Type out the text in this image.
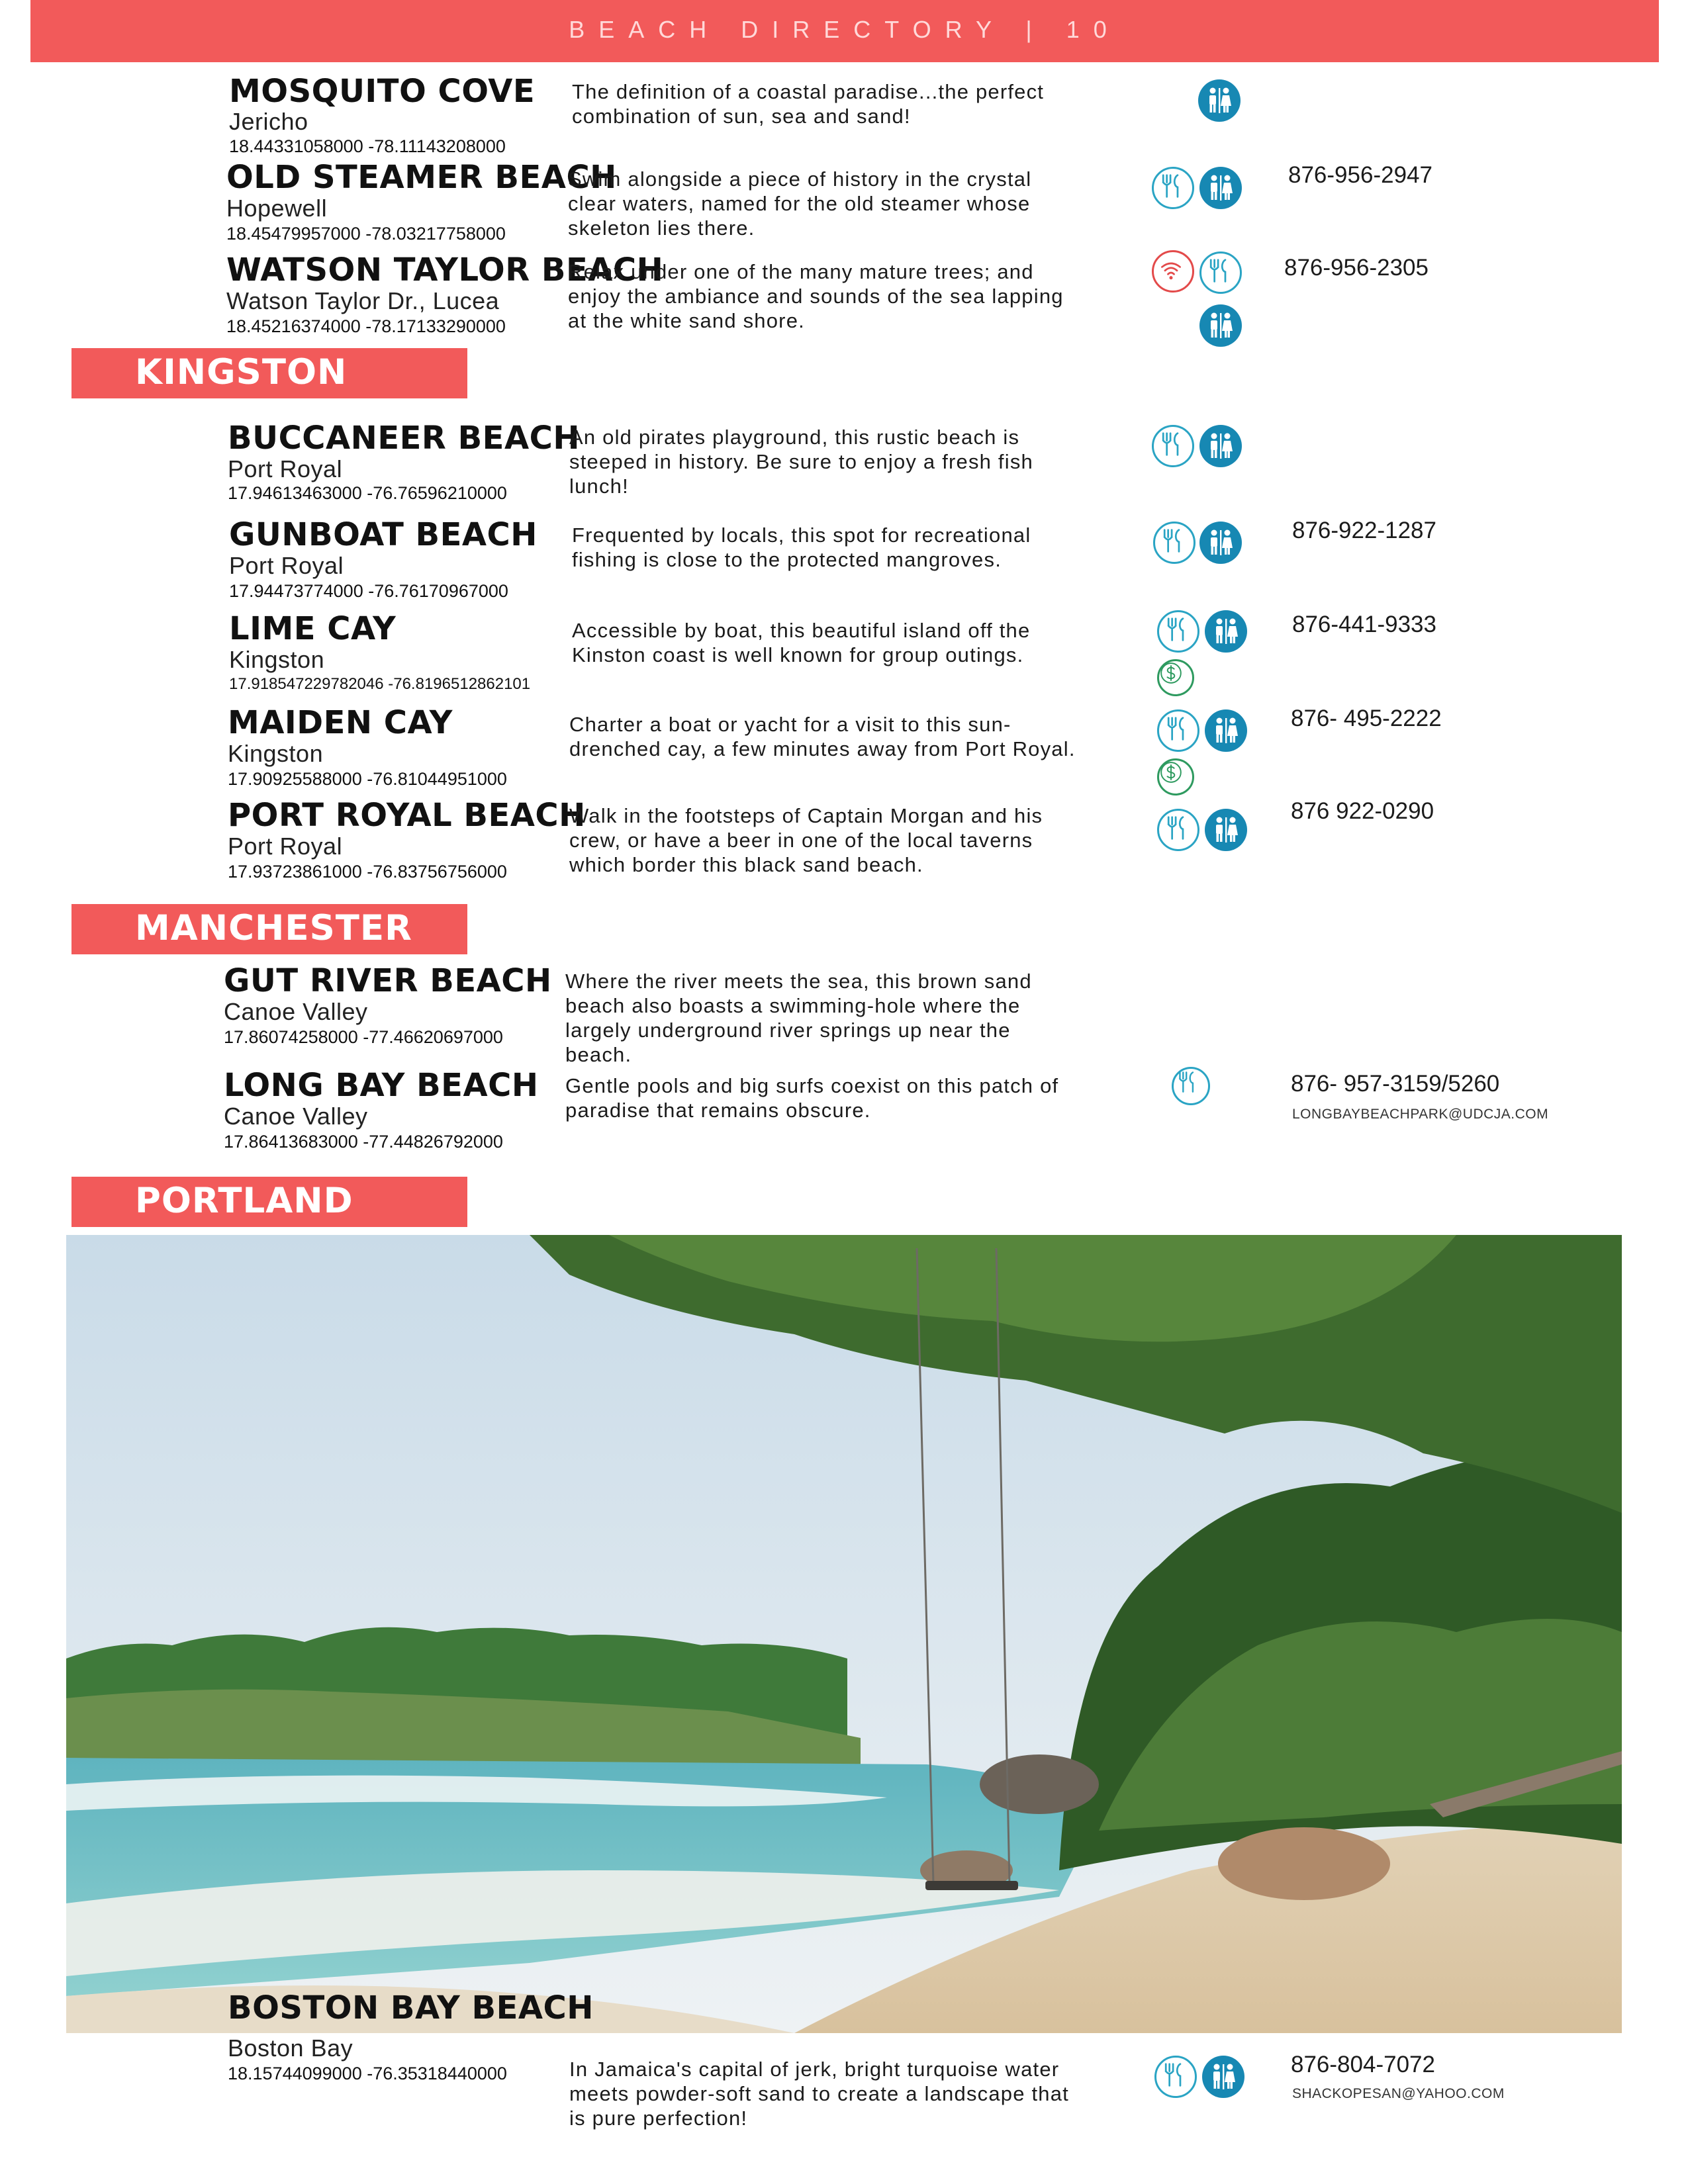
BEACH DIRECTORY | 10
MOSQUITO COVE
Jericho
18.44331058000 -78.11143208000
The definition of a coastal paradise...the perfect combination of sun, sea and sand!
OLD STEAMER BEACH
Hopewell
18.45479957000 -78.03217758000
Swim alongside a piece of history in the crystal clear waters, named for the old steamer whose skeleton lies there.
876-956-2947
WATSON TAYLOR BEACH
Watson Taylor Dr., Lucea
18.45216374000 -78.17133290000
Relax under one of the many mature trees; and enjoy the ambiance and sounds of the sea lapping at the white sand shore.
876-956-2305
KINGSTON
BUCCANEER BEACH
Port Royal
17.94613463000 -76.76596210000
An old pirates playground, this rustic beach is steeped in history. Be sure to enjoy a fresh fish lunch!
GUNBOAT BEACH
Port Royal
17.94473774000 -76.76170967000
Frequented by locals, this spot for recreational fishing is close to the protected mangroves.
876-922-1287
LIME CAY
Kingston
17.918547229782046 -76.8196512862101
Accessible by boat, this beautiful island off the Kinston coast is well known for group outings.
876-441-9333
MAIDEN CAY
Kingston
17.90925588000 -76.81044951000
Charter a boat or yacht for a visit to this sun-drenched cay, a few minutes away from Port Royal.
876- 495-2222
PORT ROYAL BEACH
Port Royal
17.93723861000 -76.83756756000
Walk in the footsteps of Captain Morgan and his crew, or have a beer in one of the local taverns which border this black sand beach.
876 922-0290
MANCHESTER
GUT RIVER BEACH
Canoe Valley
17.86074258000 -77.46620697000
Where the river meets the sea, this brown sand beach also boasts a swimming-hole where the largely underground river springs up near the beach.
LONG BAY BEACH
Canoe Valley
17.86413683000 -77.44826792000
Gentle pools and big surfs coexist on this patch of paradise that remains obscure.
876- 957-3159/5260
LONGBAYBEACHPARK@UDCJA.COM
PORTLAND
BOSTON BAY BEACH
Boston Bay
18.15744099000 -76.35318440000	In Jamaica's capital of jerk, bright turquoise water meets powder-soft sand to create a landscape that is pure perfection!
876-804-7072
SHACKOPESAN@YAHOO.COM
